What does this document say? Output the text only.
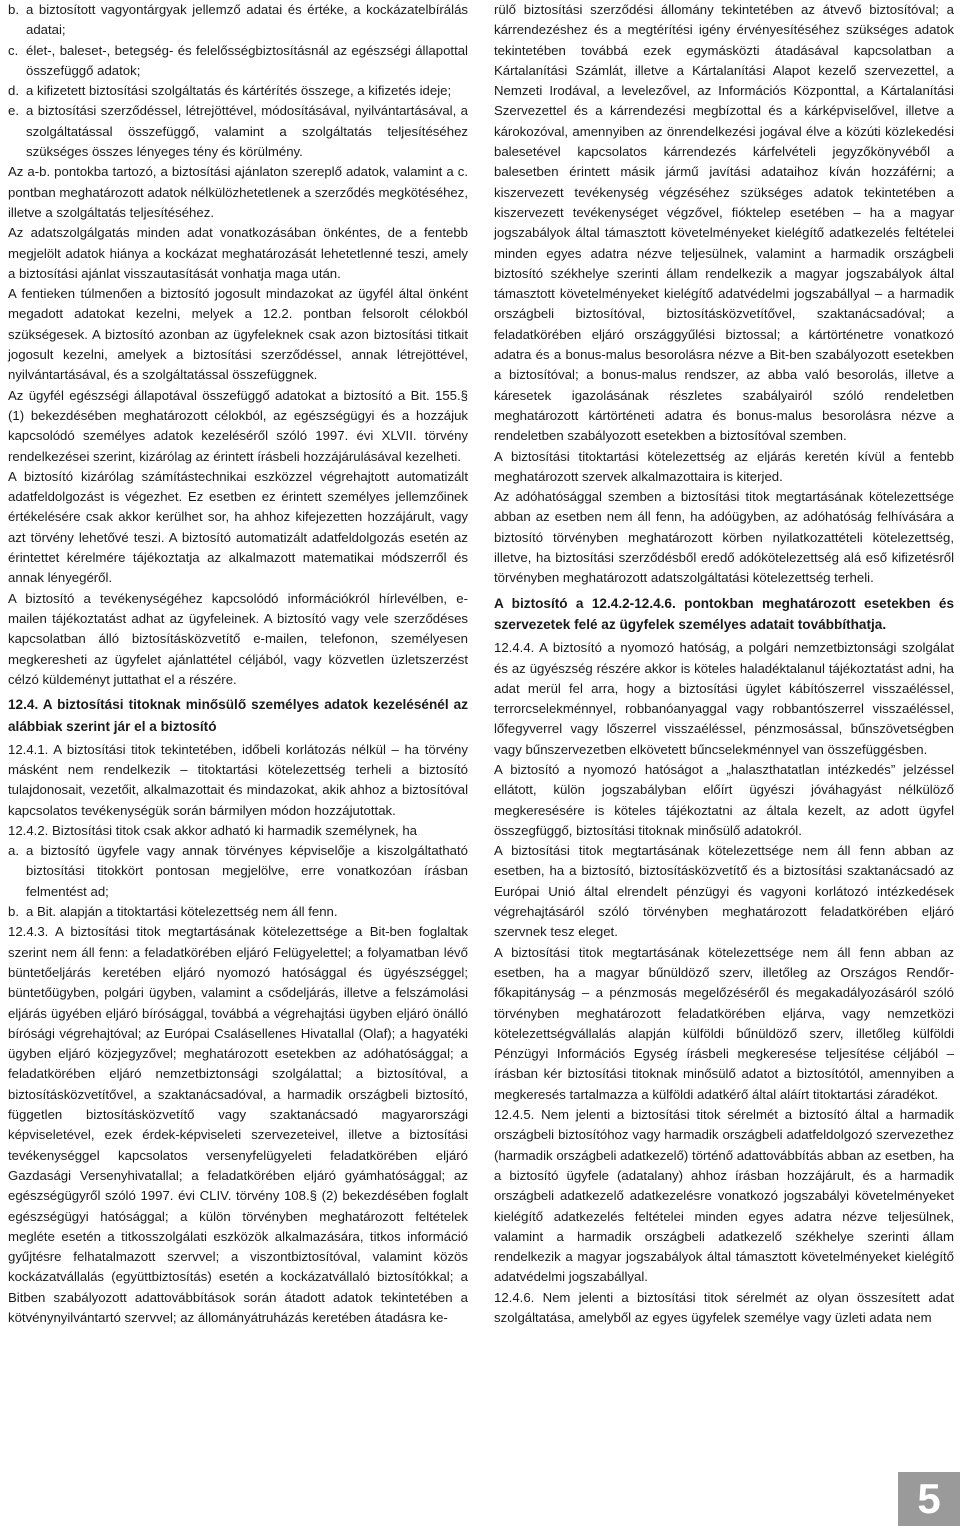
b. a biztosított vagyontárgyak jellemző adatai és értéke, a kockázatelbírálás adatai;
c. élet-, baleset-, betegség- és felelősségbiztosításnál az egészségi állapottal összefüggő adatok;
d. a kifizetett biztosítási szolgáltatás és kártérítés összege, a kifizetés ideje;
e. a biztosítási szerződéssel, létrejöttével, módosításával, nyilvántartásával, a szolgáltatással összefüggő, valamint a szolgáltatás teljesítéséhez szükséges összes lényeges tény és körülmény.

Az a-b. pontokba tartozó, a biztosítási ajánlaton szereplő adatok, valamint a c. pontban meghatározott adatok nélkülözhetetlenek a szerződés megkötéséhez, illetve a szolgáltatás teljesítéséhez.

Az adatszolgálgatás minden adat vonatkozásában önkéntes, de a fentebb megjelölt adatok hiánya a kockázat meghatározását lehetetlenné teszi, amely a biztosítási ajánlat visszautasítását vonhatja maga után.

A fentieken túlmenően a biztosító jogosult mindazokat az ügyfél által önként megadott adatokat kezelni, melyek a 12.2. pontban felsorolt célokból szükségesek. A biztosító azonban az ügyfeleknek csak azon biztosítási titkait jogosult kezelni, amelyek a biztosítási szerződéssel, annak létrejöttével, nyilvántartásával, és a szolgáltatással összefüggnek.

Az ügyfél egészségi állapotával összefüggő adatokat a biztosító a Bit. 155.§ (1) bekezdésében meghatározott célokból, az egészségügyi és a hozzájuk kapcsolódó személyes adatok kezeléséről szóló 1997. évi XLVII. törvény rendelkezései szerint, kizárólag az érintett írásbeli hozzájárulásával kezelheti.

A biztosító kizárólag számítástechnikai eszközzel végrehajtott automatizált adatfeldolgozást is végezhet. Ez esetben ez érintett személyes jellemzőinek értékelésére csak akkor kerülhet sor, ha ahhoz kifejezetten hozzájárult, vagy azt törvény lehetővé teszi. A biztosító automatizált adatfeldolgozás esetén az érintettet kérelmére tájékoztatja az alkalmazott matematikai módszerről és annak lényegéről.

A biztosító a tevékenységéhez kapcsolódó információkról hírlevélben, e-mailen tájékoztatást adhat az ügyfeleinek. A biztosító vagy vele szerződéses kapcsolatban álló biztosításközvetítő e-mailen, telefonon, személyesen megkeresheti az ügyfelet ajánlattétel céljából, vagy közvetlen üzletszerzést célzó küldeményt juttathat el a részére.

12.4. A biztosítási titoknak minősülő személyes adatok kezelésénél az alábbiak szerint jár el a biztosító

12.4.1. A biztosítási titok tekintetében, időbeli korlátozás nélkül – ha törvény másként nem rendelkezik – titoktartási kötelezettség terheli a biztosító tulajdonosait, vezetőit, alkalmazottait és mindazokat, akik ahhoz a biztosítóval kapcsolatos tevékenységük során bármilyen módon hozzájutottak.

12.4.2. Biztosítási titok csak akkor adható ki harmadik személynek, ha

a. a biztosító ügyfele vagy annak törvényes képviselője a kiszolgáltatható biztosítási titokkört pontosan megjelölve, erre vonatkozóan írásban felmentést ad;
b. a Bit. alapján a titoktartási kötelezettség nem áll fenn.

12.4.3. A biztosítási titok megtartásának kötelezettsége a Bit-ben foglaltak szerint nem áll fenn: a feladatkörében eljáró Felügyelettel; a folyamatban lévő büntetőeljárás keretében eljáró nyomozó hatósággal és ügyészséggel; büntetőügyben, polgári ügyben, valamint a csődeljárás, illetve a felszámolási eljárás ügyében eljáró bírósággal, továbbá a végrehajtási ügyben eljáró önálló bírósági végrehajtóval; az Európai Csalásellenes Hivatallal (Olaf); a hagyatéki ügyben eljáró közjegyzővel; meghatározott esetekben az adóhatósággal; a feladatkörében eljáró nemzetbiztonsági szolgálattal; a biztosítóval, a biztosításközvetítővel, a szaktanácsadóval, a harmadik országbeli biztosító, független biztosításközvetítő vagy szaktanácsadó magyarországi képviseletével, ezek érdek-képviseleti szervezeteivel, illetve a biztosítási tevékenységgel kapcsolatos versenyfelügyeleti feladatkörében eljáró Gazdasági Versenyhivatallal; a feladatkörében eljáró gyámhatósággal; az egészségügyről szóló 1997. évi CLIV. törvény 108.§ (2) bekezdésében foglalt egészségügyi hatósággal; a külön törvényben meghatározott feltételek megléte esetén a titkosszolgálati eszközök alkalmazására, titkos információ gyűjtésre felhatalmazott szervvel; a viszontbiztosítóval, valamint közös kockázatvállalás (együttbiztosítás) esetén a kockázatvállaló biztosítókkal; a Bitben szabályozott adattovábbítások során átadott adatok tekintetében a kötvénynyilvántartó szervvel; az állományátruházás keretében átadásra ke-

rülő biztosítási szerződési állomány tekintetében az átvevő biztosítóval; a kárrendezéshez és a megtérítési igény érvényesítéséhez szükséges adatok tekintetében továbbá ezek egymásközti átadásával kapcsolatban a Kártalanítási Számlát, illetve a Kártalanítási Alapot kezelő szervezettel, a Nemzeti Irodával, a levelezővel, az Információs Központtal, a Kártalanítási Szervezettel és a kárrendezési megbízottal és a kárképviselővel, illetve a károkozóval, amennyiben az önrendelkezési jogával élve a közúti közlekedési balesetével kapcsolatos kárrendezés kárfelvételi jegyzőkönyvéből a balesetben érintett másik jármű javítási adataihoz kíván hozzáférni; a kiszervezett tevékenység végzéséhez szükséges adatok tekintetében a kiszervezett tevékenységet végzővel, fióktelep esetében – ha a magyar jogszabályok által támasztott követelményeket kielégítő adatkezelés feltételei minden egyes adatra nézve teljesülnek, valamint a harmadik országbeli biztosító székhelye szerinti állam rendelkezik a magyar jogszabályok által támasztott követelményeket kielégítő adatvédelmi jogszabállyal – a harmadik országbeli biztosítóval, biztosításközvetítővel, szaktanácsadóval; a feladatkörében eljáró országgyűlési biztossal; a kártörténetre vonatkozó adatra és a bonus-malus besorolásra nézve a Bit-ben szabályozott esetekben a biztosítóval; a bonus-malus rendszer, az abba való besorolás, illetve a káresetek igazolásának részletes szabályairól szóló rendeletben meghatározott kártörténeti adatra és bonus-malus besorolásra nézve a rendeletben szabályozott esetekben a biztosítóval szemben.

A biztosítási titoktartási kötelezettség az eljárás keretén kívül a fentebb meghatározott szervek alkalmazottaira is kiterjed.

Az adóhatósággal szemben a biztosítási titok megtartásának kötelezettsége abban az esetben nem áll fenn, ha adóügyben, az adóhatóság felhívására a biztosító törvényben meghatározott körben nyilatkozattételi kötelezettség, illetve, ha biztosítási szerződésből eredő adókötelezettség alá eső kifizetésről törvényben meghatározott adatszolgáltatási kötelezettség terheli.

A biztosító a 12.4.2-12.4.6. pontokban meghatározott esetekben és szervezetek felé az ügyfelek személyes adatait továbbíthatja.

12.4.4. A biztosító a nyomozó hatóság, a polgári nemzetbiztonsági szolgálat és az ügyészség részére akkor is köteles haladéktalanul tájékoztatást adni, ha adat merül fel arra, hogy a biztosítási ügylet kábítószerrel visszaéléssel, terrorcselekménnyel, robbanóanyaggal vagy robbantószerrel visszaéléssel, lőfegyverrel vagy lőszerrel visszaéléssel, pénzmosással, bűnszövetségben vagy bűnszervezetben elkövetett bűncselekménnyel van összefüggésben.

A biztosító a nyomozó hatóságot a „halaszthatatlan intézkedés” jelzéssel ellátott, külön jogszabályban előírt ügyészi jóváhagyást nélkülöző megkeresésére is köteles tájékoztatni az általa kezelt, az adott ügyfel összegfüggő, biztosítási titoknak minősülő adatokról.

A biztosítási titok megtartásának kötelezettsége nem áll fenn abban az esetben, ha a biztosító, biztosításközvetítő és a biztosítási szaktanácsadó az Európai Unió által elrendelt pénzügyi és vagyoni korlátozó intézkedések végrehajtásáról szóló törvényben meghatározott feladatkörében eljáró szervnek tesz eleget.

A biztosítási titok megtartásának kötelezettsége nem áll fenn abban az esetben, ha a magyar bűnüldöző szerv, illetőleg az Országos Rendőr-főkapitányság – a pénzmosás megelőzéséről és megakadályozásáról szóló törvényben meghatározott feladatkörében eljárva, vagy nemzetközi kötelezettségvállalás alapján külföldi bűnüldöző szerv, illetőleg külföldi Pénzügyi Információs Egység írásbeli megkeresése teljesítése céljából – írásban kér biztosítási titoknak minősülő adatot a biztosítótól, amennyiben a megkeresés tartalmazza a külföldi adatkérő által aláírt titoktartási záradékot.

12.4.5. Nem jelenti a biztosítási titok sérelmét a biztosító által a harmadik országbeli biztosítóhoz vagy harmadik országbeli adatfeldolgozó szervezethez (harmadik országbeli adatkezelő) történő adattovábbítás abban az esetben, ha a biztosító ügyfele (adatalany) ahhoz írásban hozzájárult, és a harmadik országbeli adatkezelő adatkezelésre vonatkozó jogszabályi követelményeket kielégítő adatkezelés feltételei minden egyes adatra nézve teljesülnek, valamint a harmadik országbeli adatkezelő székhelye szerinti állam rendelkezik a magyar jogszabályok által támasztott követelményeket kielégítő adatvédelmi jogszabállyal.

12.4.6. Nem jelenti a biztosítási titok sérelmét az olyan összesített adat szolgáltatása, amelyből az egyes ügyfelek személye vagy üzleti adata nem

5
